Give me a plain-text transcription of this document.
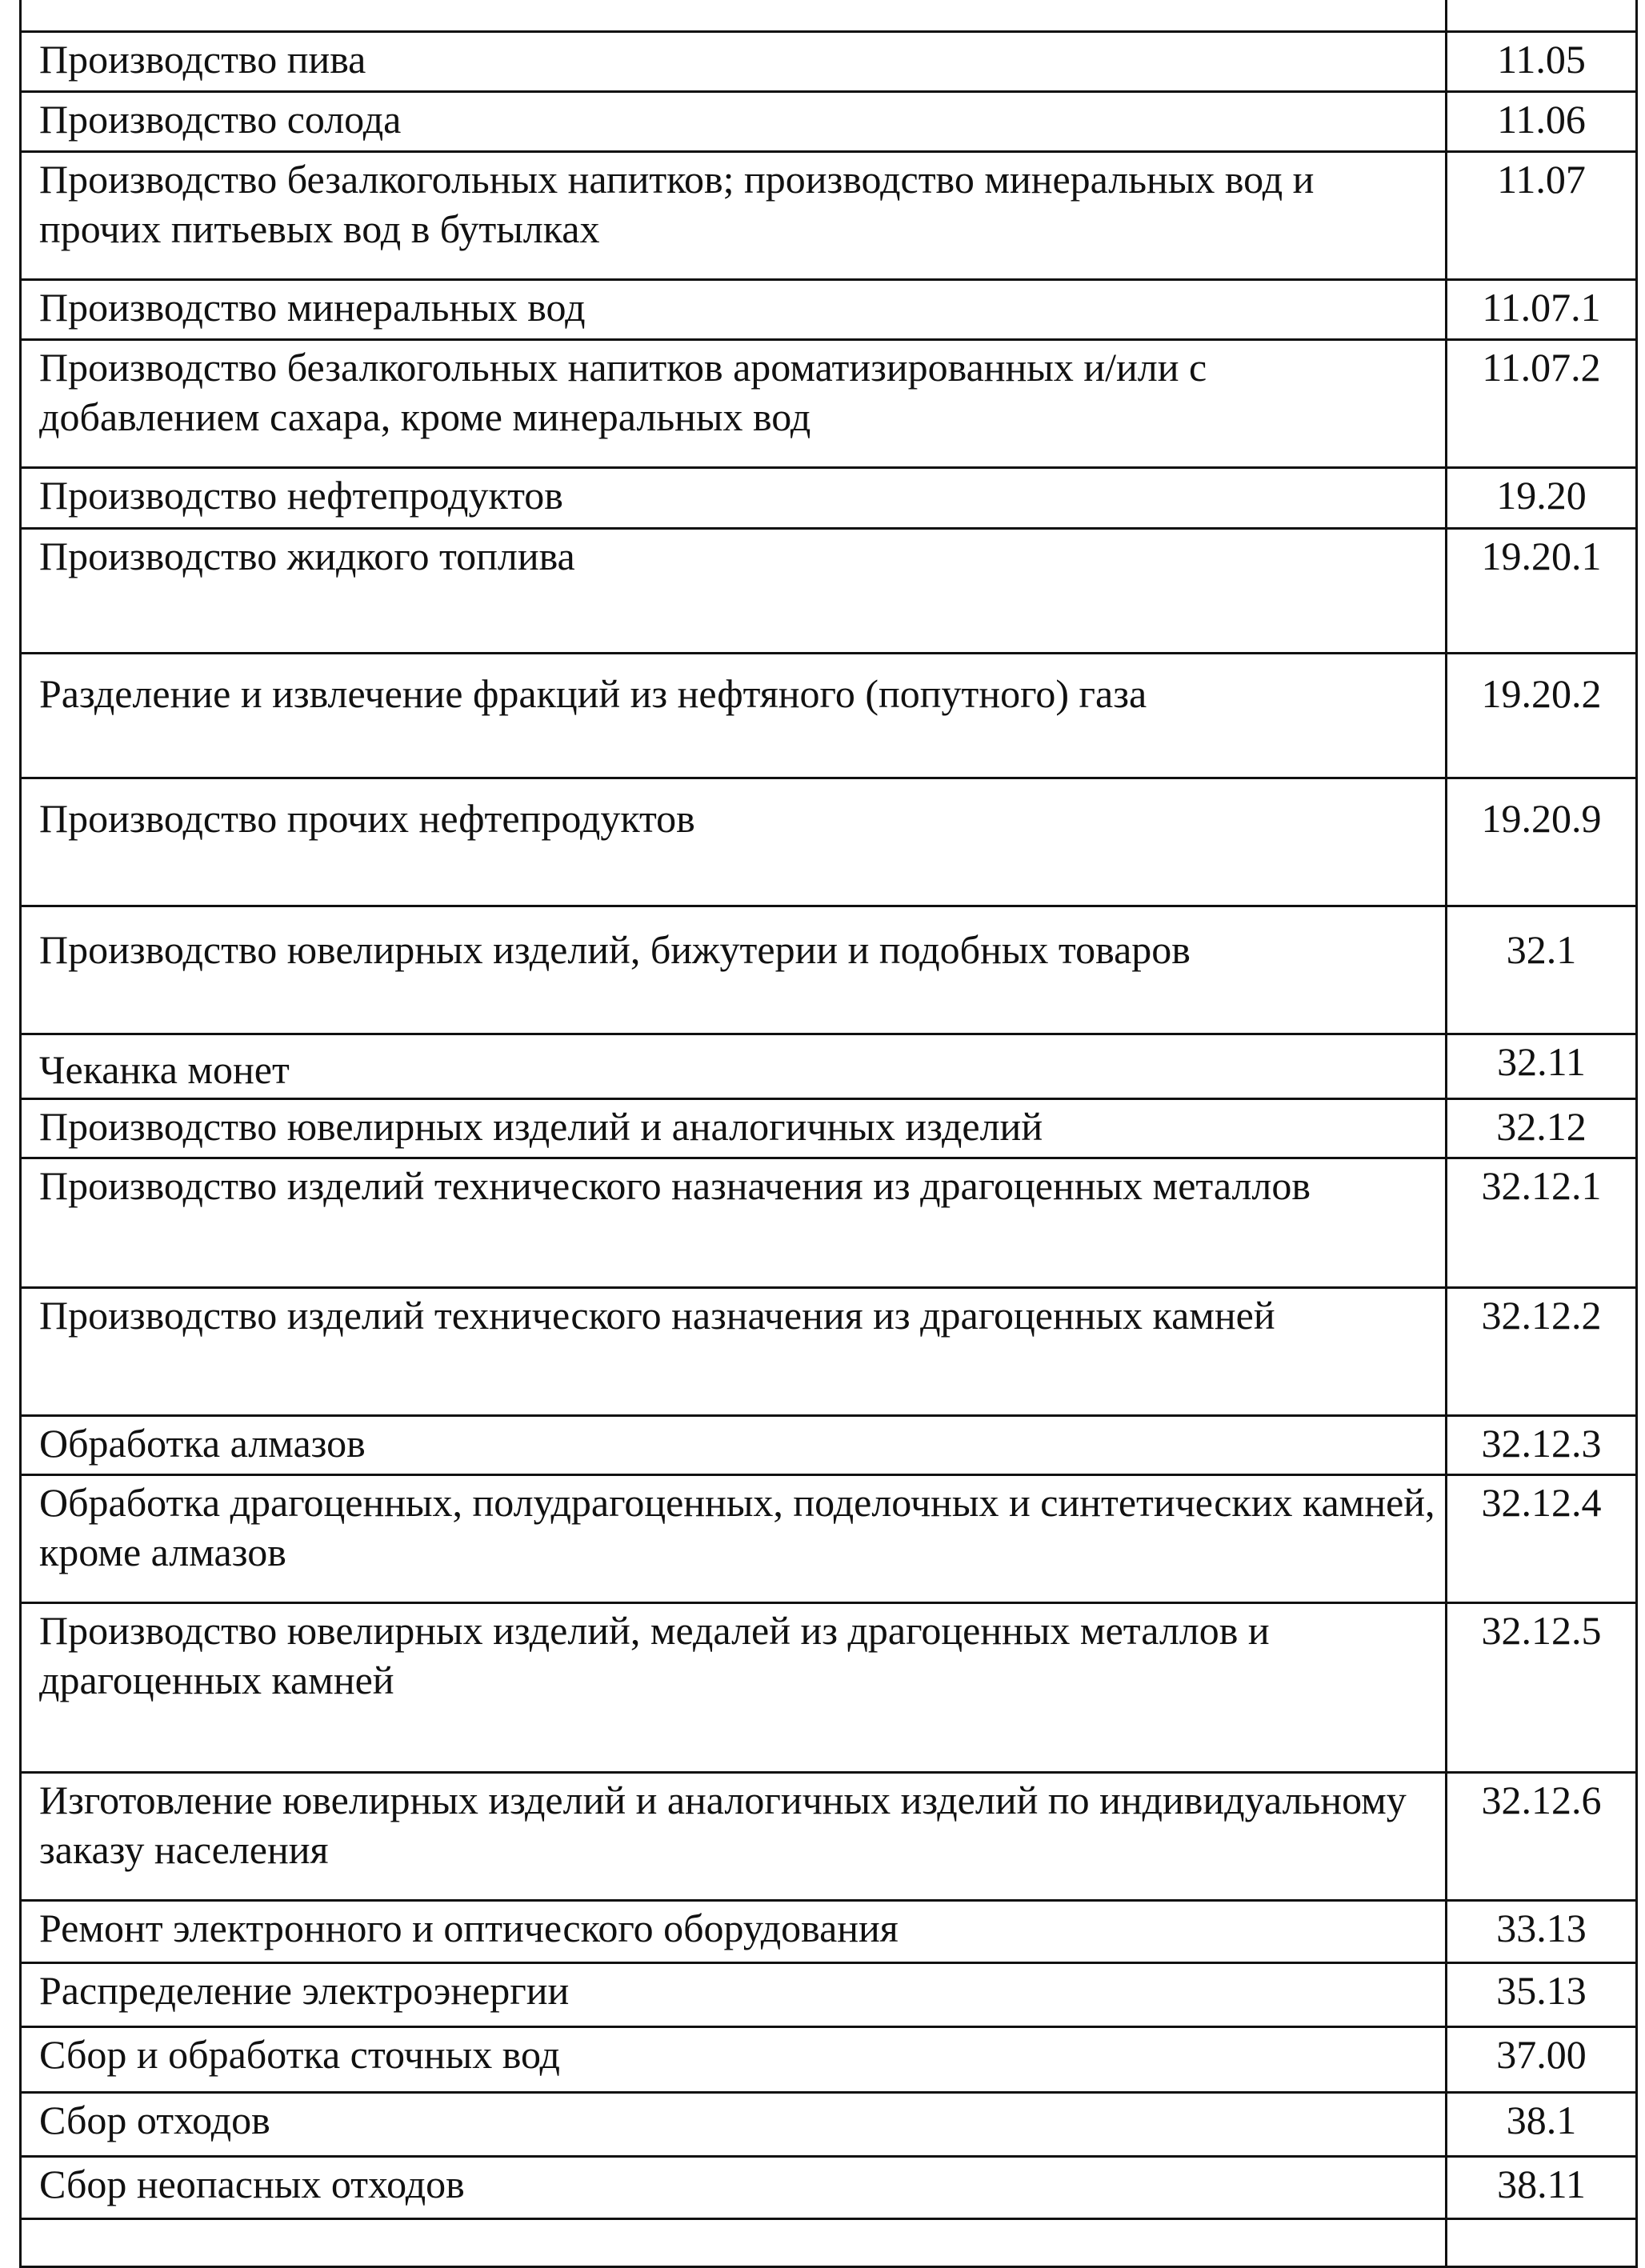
Производство пива	11.05
Производство солода	11.06
Производство безалкогольных напитков; производство минеральных вод и прочих питьевых вод в бутылках	11.07
Производство минеральных вод	11.07.1
Производство безалкогольных напитков ароматизированных и/или с добавлением сахара, кроме минеральных вод	11.07.2
Производство нефтепродуктов	19.20
Производство жидкого топлива	19.20.1
Разделение и извлечение фракций из нефтяного (попутного) газа	19.20.2
Производство прочих нефтепродуктов	19.20.9
Производство ювелирных изделий, бижутерии и подобных товаров	32.1
Чеканка монет	32.11
Производство ювелирных изделий и аналогичных изделий	32.12
Производство изделий технического назначения из драгоценных металлов	32.12.1
Производство изделий технического назначения из драгоценных камней	32.12.2
Обработка алмазов	32.12.3
Обработка драгоценных, полудрагоценных, поделочных и синтетических камней, кроме алмазов	32.12.4
Производство ювелирных изделий, медалей из драгоценных металлов и драгоценных камней	32.12.5
Изготовление ювелирных изделий и аналогичных изделий по индивидуальному заказу населения	32.12.6
Ремонт электронного и оптического оборудования	33.13
Распределение электроэнергии	35.13
Сбор и обработка сточных вод	37.00
Сбор отходов	38.1
Сбор неопасных отходов	38.11
